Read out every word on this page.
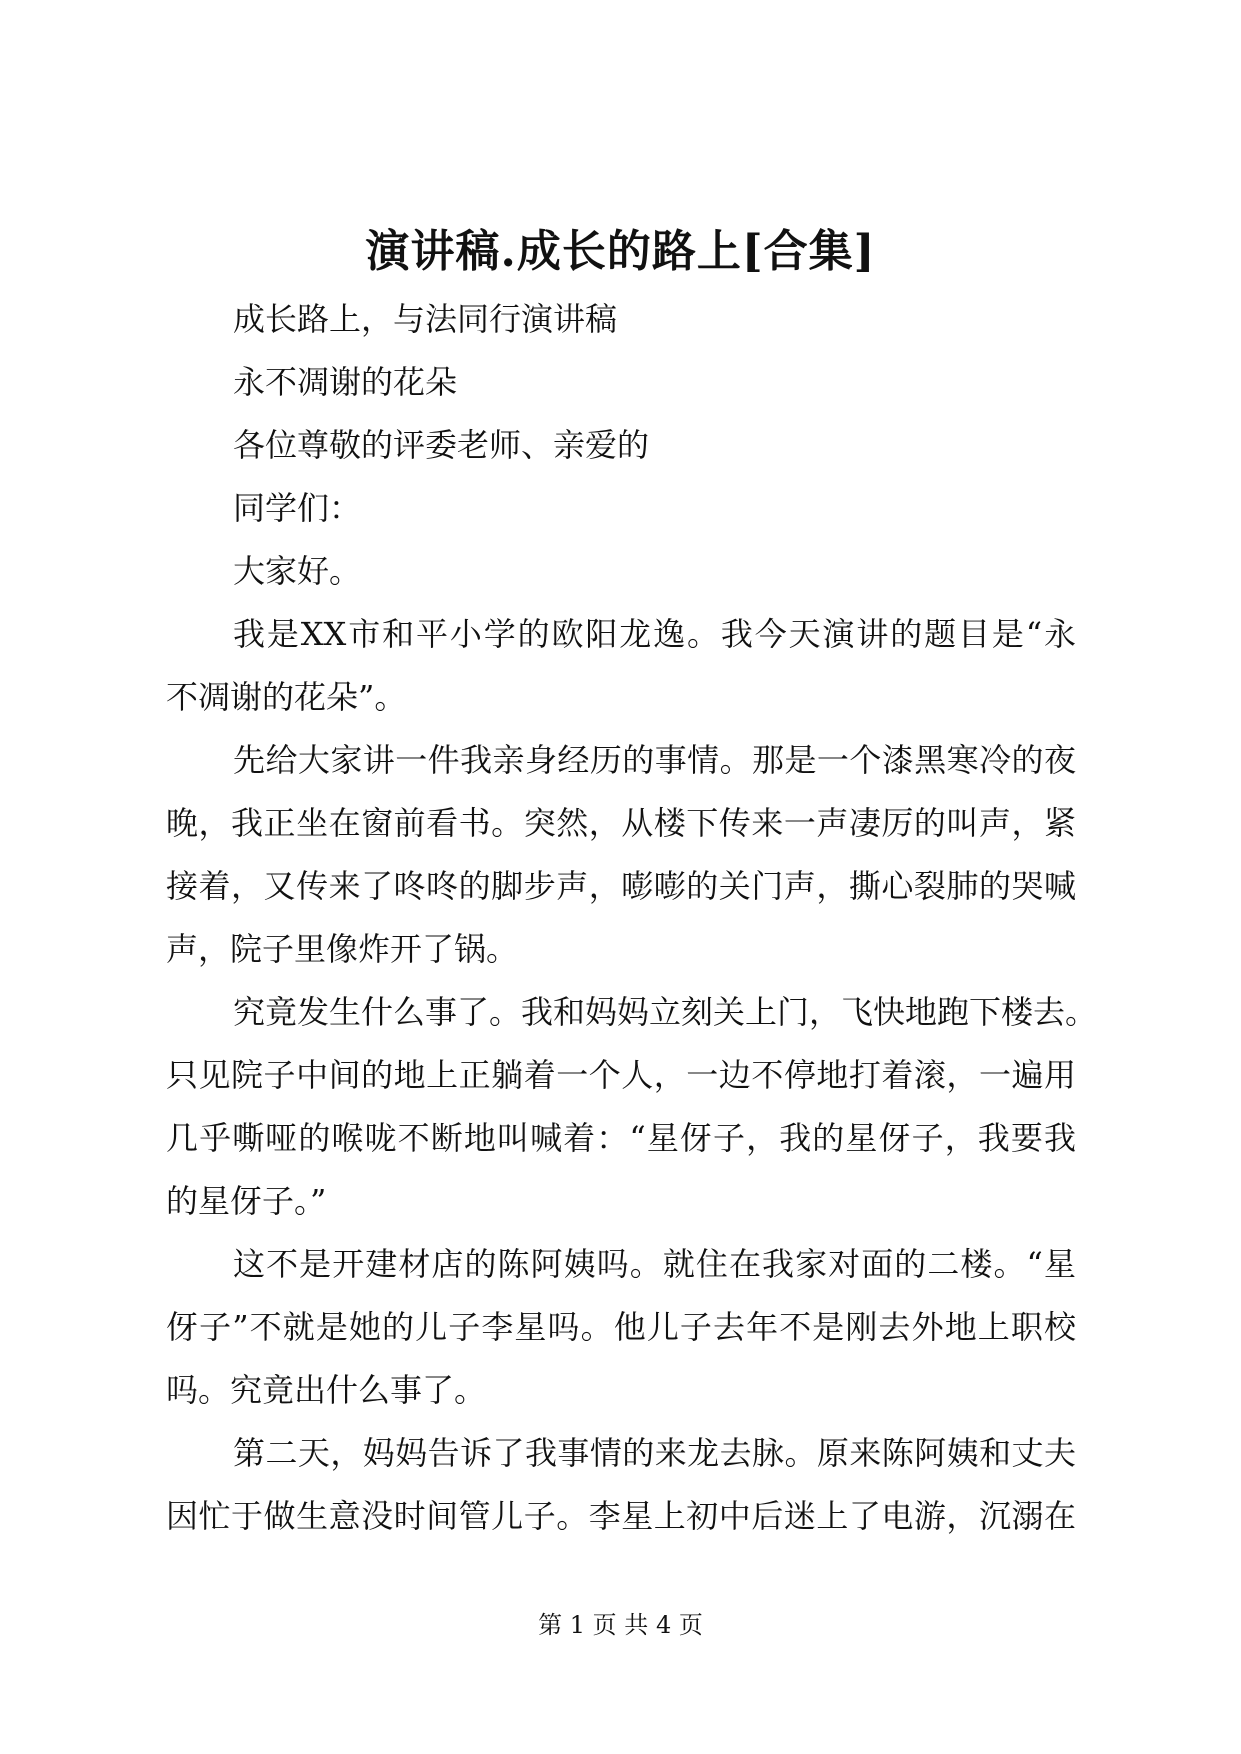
演讲稿.成长的路上[合集]

成长路上，与法同行演讲稿

永不凋谢的花朵

各位尊敬的评委老师、亲爱的

同学们：

大家好。

我是XX市和平小学的欧阳龙逸。我今天演讲的题目是“永

不凋谢的花朵”。

先给大家讲一件我亲身经历的事情。那是一个漆黑寒冷的夜

晚，我正坐在窗前看书。突然，从楼下传来一声凄厉的叫声，紧

接着，又传来了咚咚的脚步声，嘭嘭的关门声，撕心裂肺的哭喊

声，院子里像炸开了锅。

究竟发生什么事了。我和妈妈立刻关上门，飞快地跑下楼去。

只见院子中间的地上正躺着一个人，一边不停地打着滚，一遍用

几乎嘶哑的喉咙不断地叫喊着：“星伢子，我的星伢子，我要我

的星伢子。”

这不是开建材店的陈阿姨吗。就住在我家对面的二楼。“星

伢子”不就是她的儿子李星吗。他儿子去年不是刚去外地上职校

吗。究竟出什么事了。

第二天，妈妈告诉了我事情的来龙去脉。原来陈阿姨和丈夫

因忙于做生意没时间管儿子。李星上初中后迷上了电游，沉溺在

第 1 页 共 4 页
